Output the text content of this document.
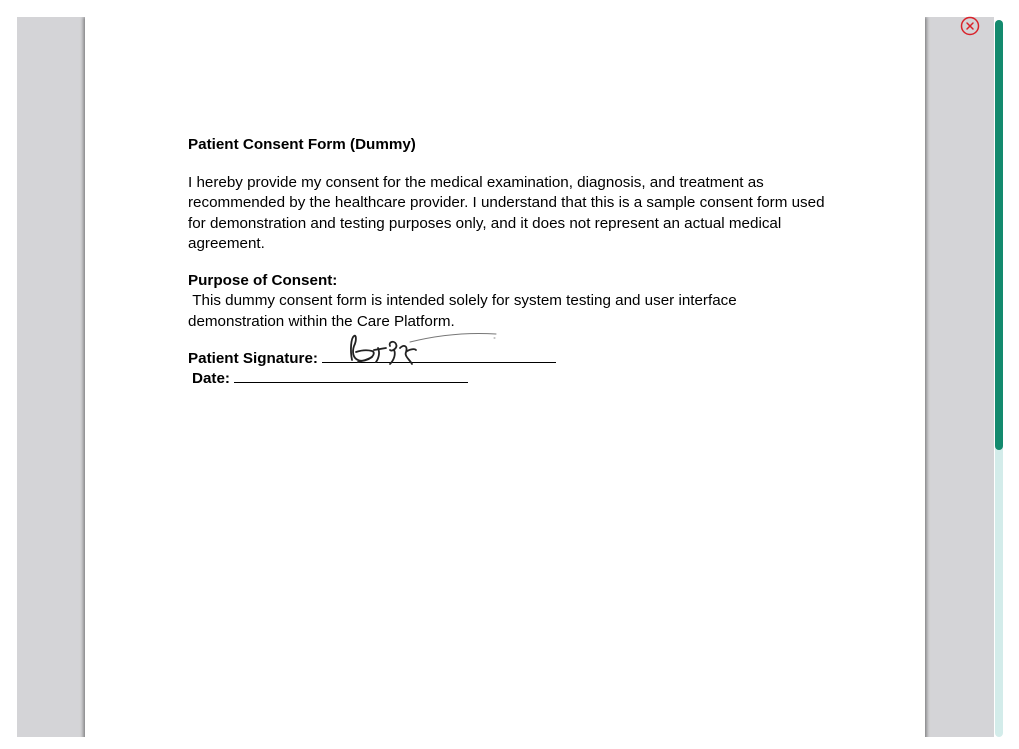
Patient Consent Form (Dummy)

I hereby provide my consent for the medical examination, diagnosis, and treatment as recommended by the healthcare provider. I understand that this is a sample consent form used for demonstration and testing purposes only, and it does not represent an actual medical agreement.

Purpose of Consent:

This dummy consent form is intended solely for system testing and user interface demonstration within the Care Platform.

Patient Signature:
Date:
